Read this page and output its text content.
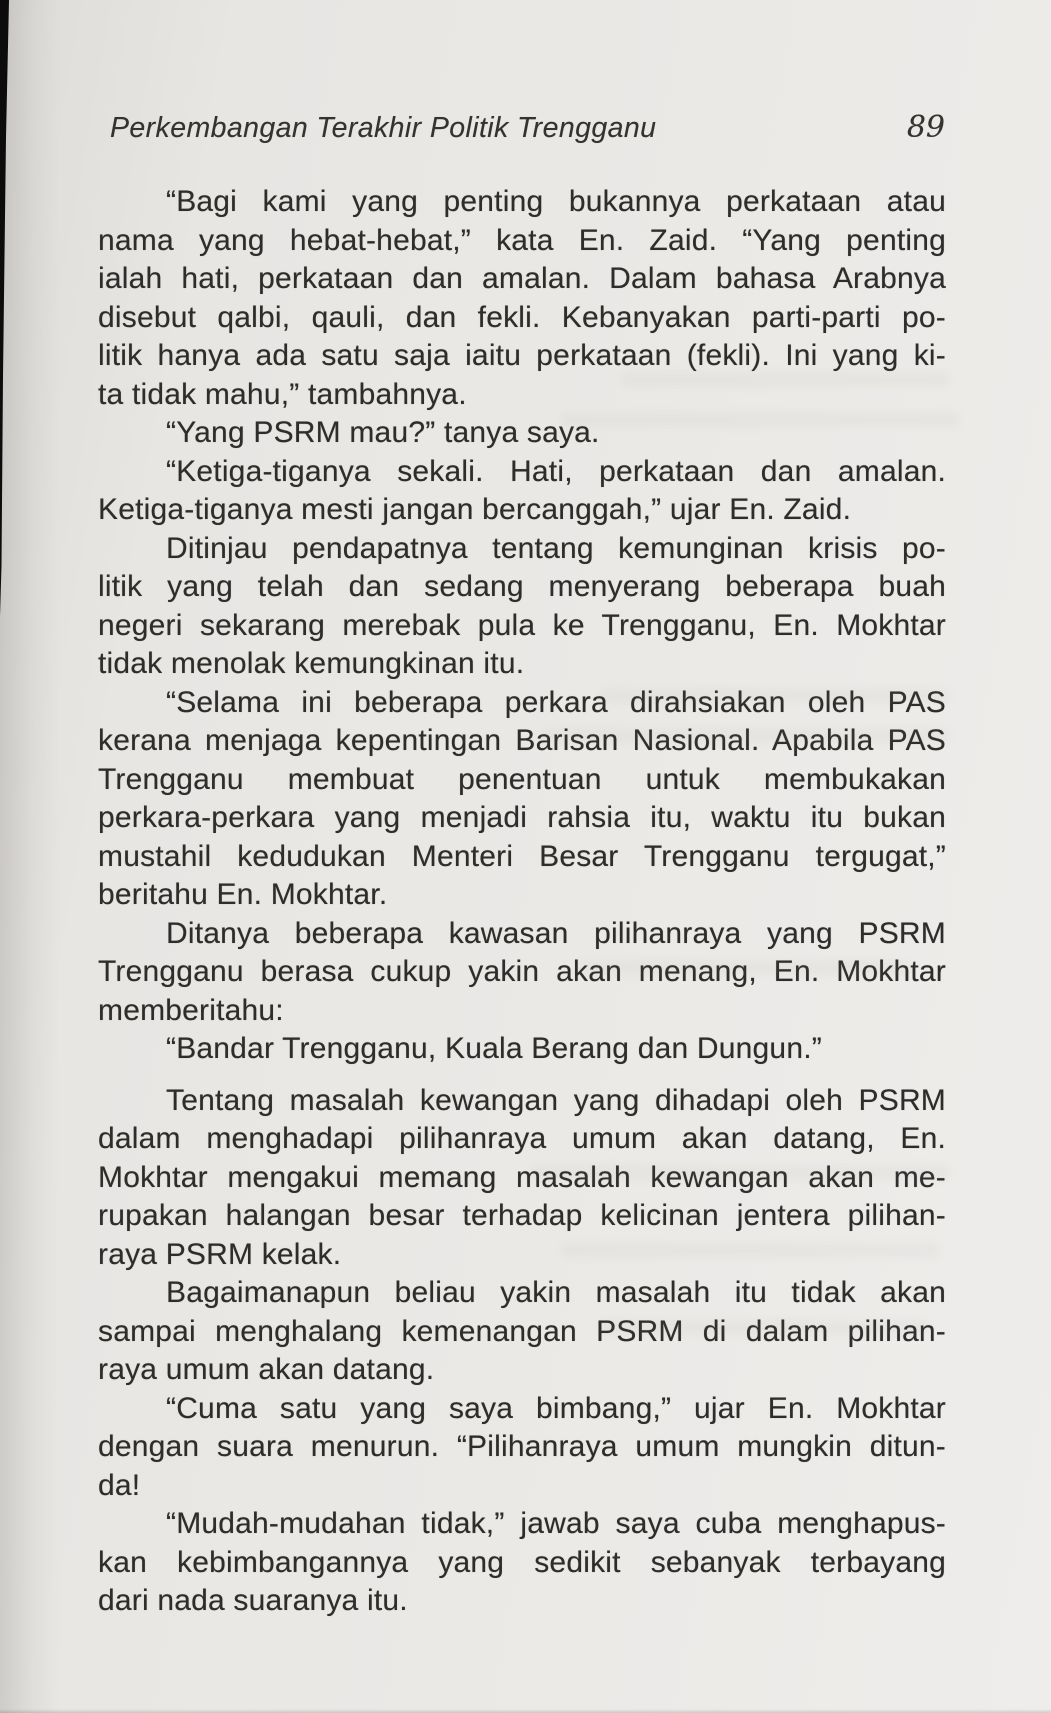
Perkembangan Terakhir Politik Trengganu	89

“Bagi kami yang penting bukannya perkataan atau
nama yang hebat-hebat,” kata En. Zaid. “Yang penting
ialah hati, perkataan dan amalan. Dalam bahasa Arabnya
disebut qalbi, qauli, dan fekli. Kebanyakan parti-parti po-
litik hanya ada satu saja iaitu perkataan (fekli). Ini yang ki-
ta tidak mahu,” tambahnya.

“Yang PSRM mau?” tanya saya.

“Ketiga-tiganya sekali. Hati, perkataan dan amalan.
Ketiga-tiganya mesti jangan bercanggah,” ujar En. Zaid.

Ditinjau pendapatnya tentang kemunginan krisis po-
litik yang telah dan sedang menyerang beberapa buah
negeri sekarang merebak pula ke Trengganu, En. Mokhtar
tidak menolak kemungkinan itu.

“Selama ini beberapa perkara dirahsiakan oleh PAS
kerana menjaga kepentingan Barisan Nasional. Apabila PAS
Trengganu membuat penentuan untuk membukakan
perkara-perkara yang menjadi rahsia itu, waktu itu bukan
mustahil kedudukan Menteri Besar Trengganu tergugat,”
beritahu En. Mokhtar.

Ditanya beberapa kawasan pilihanraya yang PSRM
Trengganu berasa cukup yakin akan menang, En. Mokhtar
memberitahu:

“Bandar Trengganu, Kuala Berang dan Dungun.”

Tentang masalah kewangan yang dihadapi oleh PSRM
dalam menghadapi pilihanraya umum akan datang, En.
Mokhtar mengakui memang masalah kewangan akan me-
rupakan halangan besar terhadap kelicinan jentera pilihan-
raya PSRM kelak.

Bagaimanapun beliau yakin masalah itu tidak akan
sampai menghalang kemenangan PSRM di dalam pilihan-
raya umum akan datang.

“Cuma satu yang saya bimbang,” ujar En. Mokhtar
dengan suara menurun. “Pilihanraya umum mungkin ditun-
da!

“Mudah-mudahan tidak,” jawab saya cuba menghapus-
kan kebimbangannya yang sedikit sebanyak terbayang
dari nada suaranya itu.
